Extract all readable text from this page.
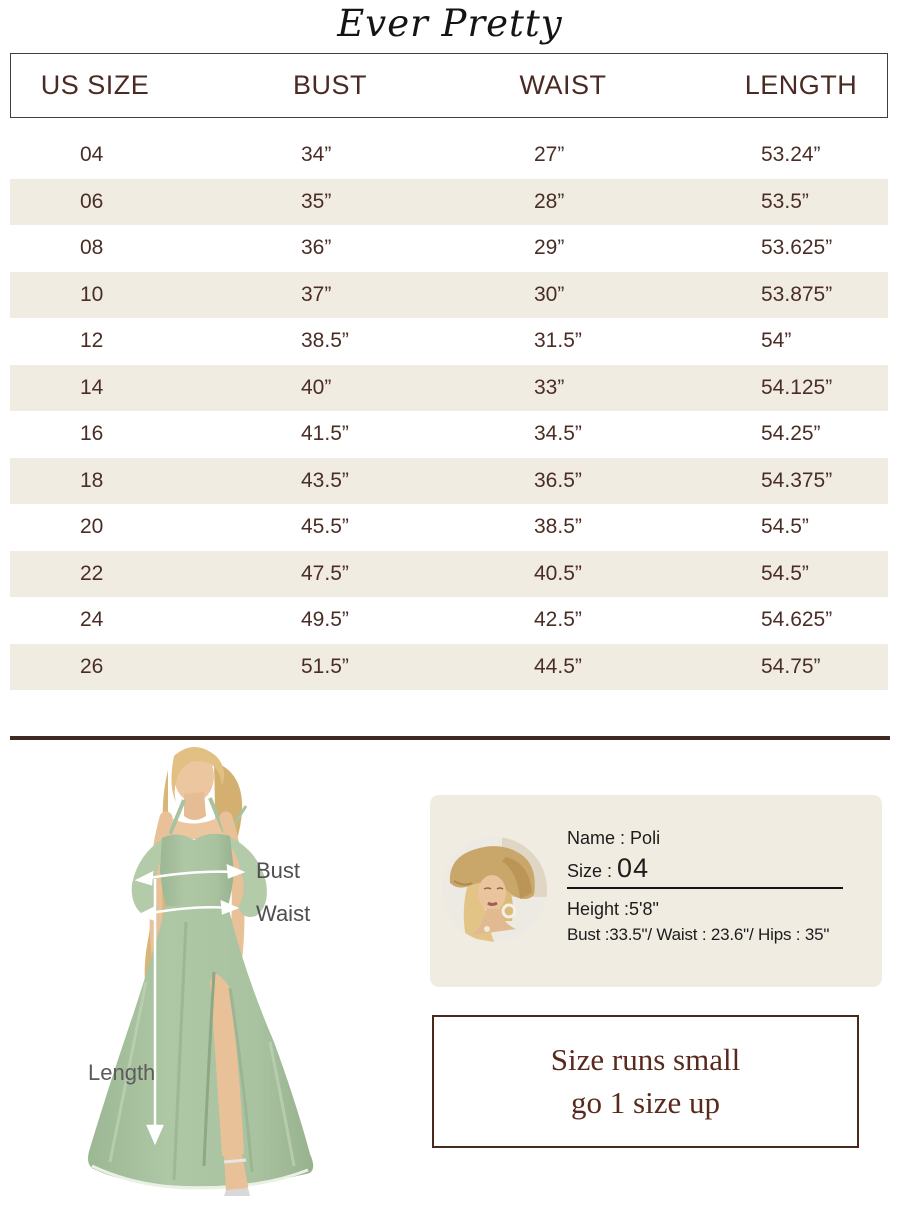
Ever Pretty
US SIZE	BUST	WAIST	LENGTH
04	34”	27”	53.24”
06	35”	28”	53.5”
08	36”	29”	53.625”
10	37”	30”	53.875”
12	38.5”	31.5”	54”
14	40”	33”	54.125”
16	41.5”	34.5”	54.25”
18	43.5”	36.5”	54.375”
20	45.5”	38.5”	54.5”
22	47.5”	40.5”	54.5”
24	49.5”	42.5”	54.625”
26	51.5”	44.5”	54.75”
Bust
Waist
Length
Name : Poli
Size : 04
Height :5'8"
Bust :33.5"/ Waist : 23.6"/ Hips : 35"
Size runs small
go 1 size up
